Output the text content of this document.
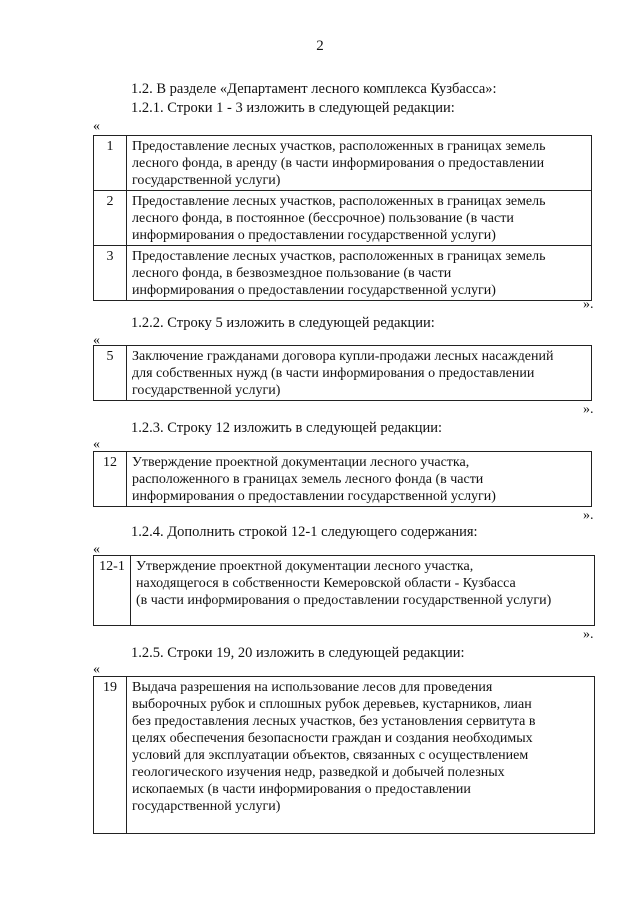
2
1.2. В разделе «Департамент лесного комплекса Кузбасса»:
1.2.1. Строки 1 - 3 изложить в следующей редакции:
«
1	Предоставление лесных участков, расположенных в границах земель
лесного фонда, в аренду (в части информирования о предоставлении
государственной услуги)
2	Предоставление лесных участков, расположенных в границах земель
лесного фонда, в постоянное (бессрочное) пользование (в части
информирования о предоставлении государственной услуги)
3	Предоставление лесных участков, расположенных в границах земель
лесного фонда, в безвозмездное пользование (в части
информирования о предоставлении государственной услуги)
».
1.2.2. Строку 5 изложить в следующей редакции:
«
5	Заключение гражданами договора купли-продажи лесных насаждений
для собственных нужд (в части информирования о предоставлении
государственной услуги)
».
1.2.3. Строку 12 изложить в следующей редакции:
«
12	Утверждение проектной документации лесного участка,
расположенного в границах земель лесного фонда (в части
информирования о предоставлении государственной услуги)
».
1.2.4. Дополнить строкой 12-1 следующего содержания:
«
12-1	Утверждение проектной документации лесного участка,
находящегося в собственности Кемеровской области - Кузбасса
(в части информирования о предоставлении государственной услуги)
».
1.2.5. Строки 19, 20 изложить в следующей редакции:
«
19	Выдача разрешения на использование лесов для проведения
выборочных рубок и сплошных рубок деревьев, кустарников, лиан
без предоставления лесных участков, без установления сервитута в
целях обеспечения безопасности граждан и создания необходимых
условий для эксплуатации объектов, связанных с осуществлением
геологического изучения недр, разведкой и добычей полезных
ископаемых (в части информирования о предоставлении
государственной услуги)
